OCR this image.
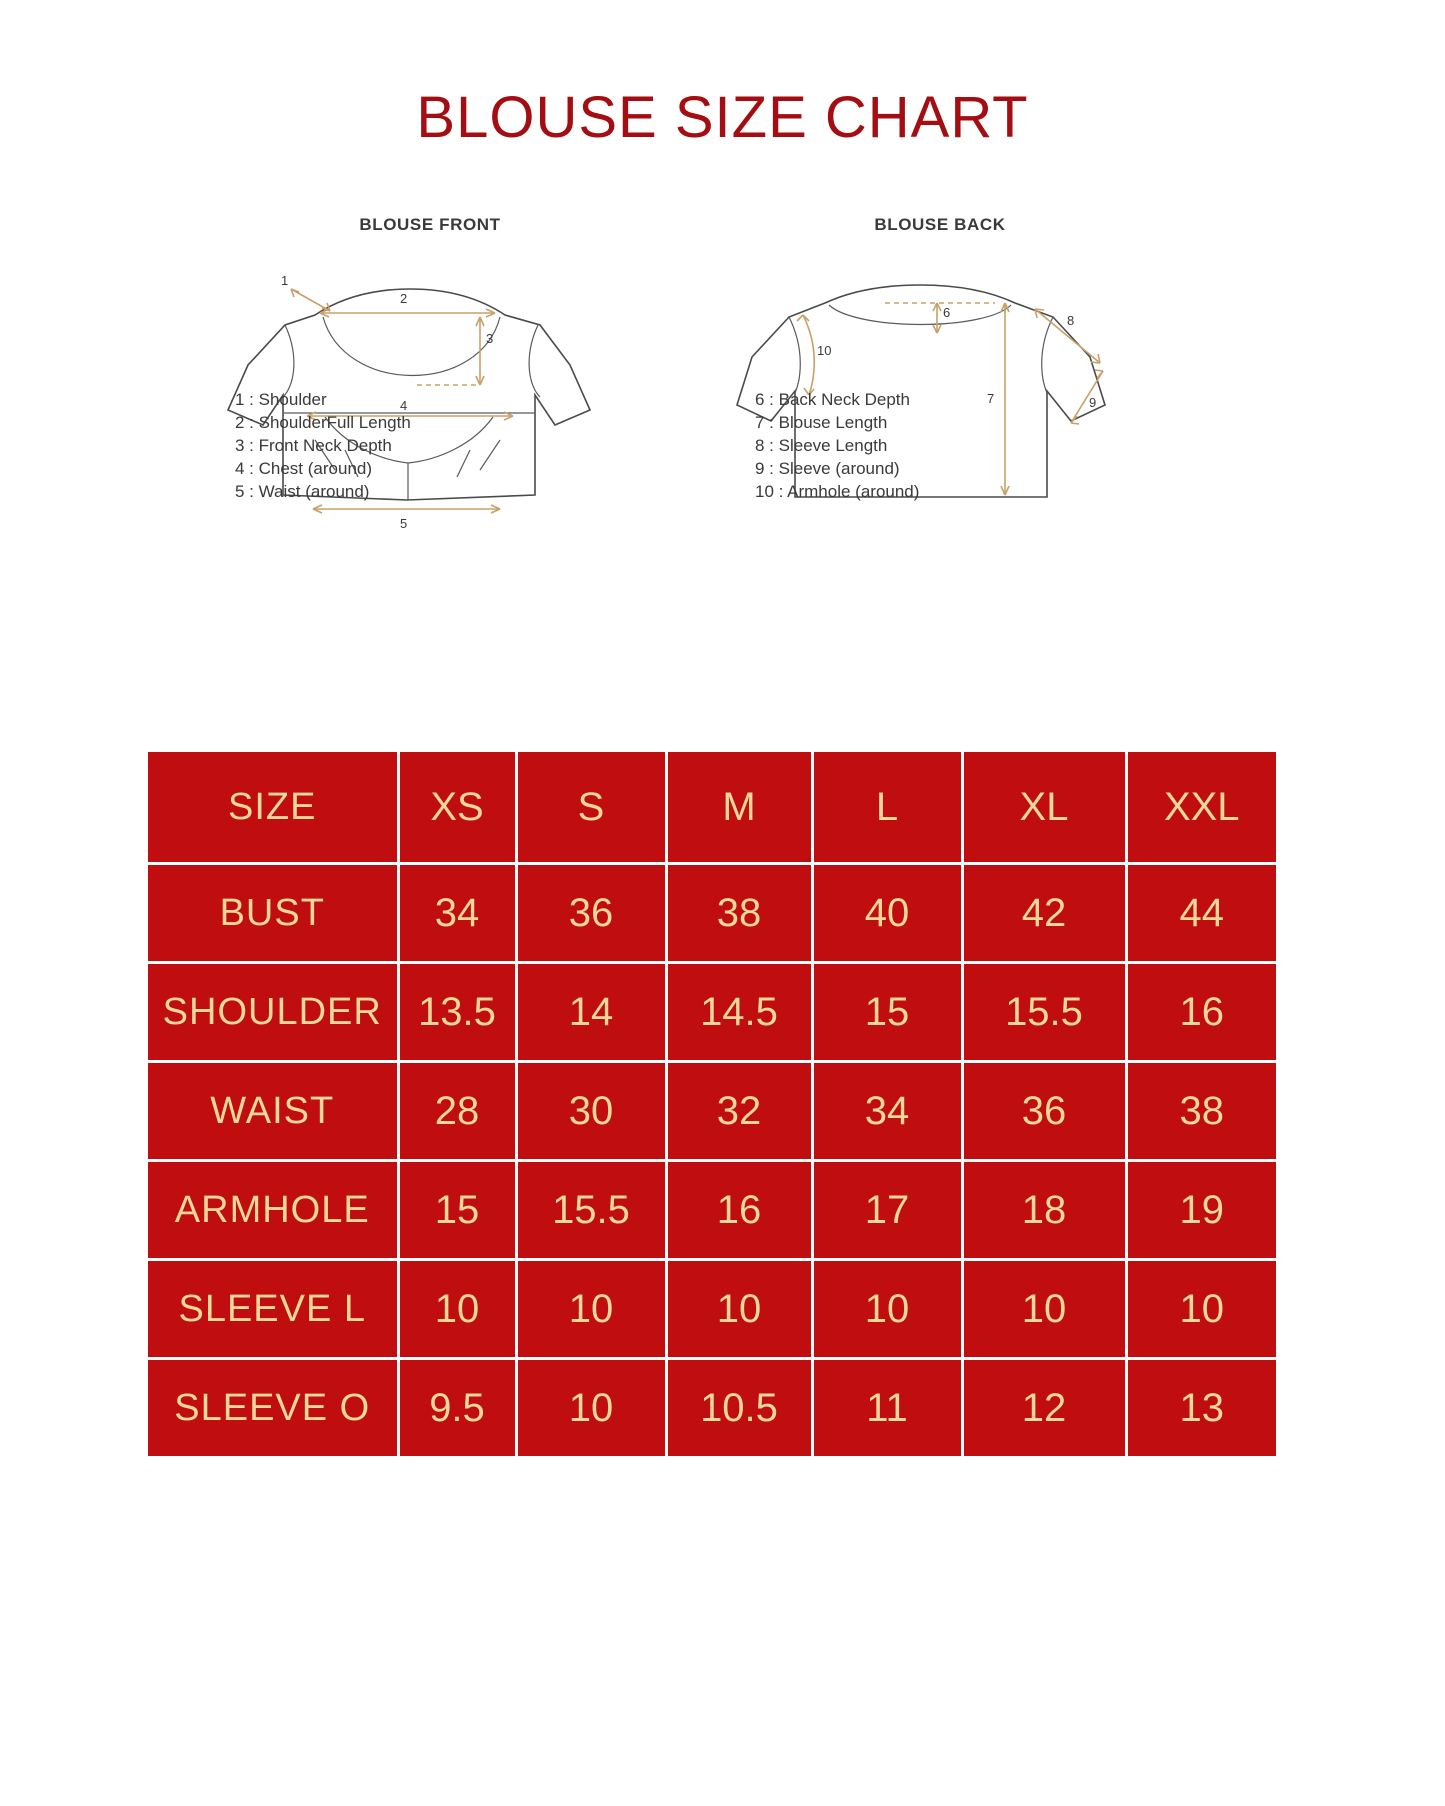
BLOUSE SIZE CHART
BLOUSE FRONT
1
2
3
4
5
BLOUSE BACK
6
7
8
9
10
1 : Shoulder
2 : ShoulderFull Length
3 : Front Neck Depth
4 : Chest (around)
5 : Waist (around)
6 : Back Neck Depth
7 : Blouse Length
8 : Sleeve Length
9 : Sleeve (around)
10 : Armhole (around)
SIZE	XS	S	M	L	XL	XXL
BUST	34	36	38	40	42	44
SHOULDER	13.5	14	14.5	15	15.5	16
WAIST	28	30	32	34	36	38
ARMHOLE	15	15.5	16	17	18	19
SLEEVE L	10	10	10	10	10	10
SLEEVE O	9.5	10	10.5	11	12	13
